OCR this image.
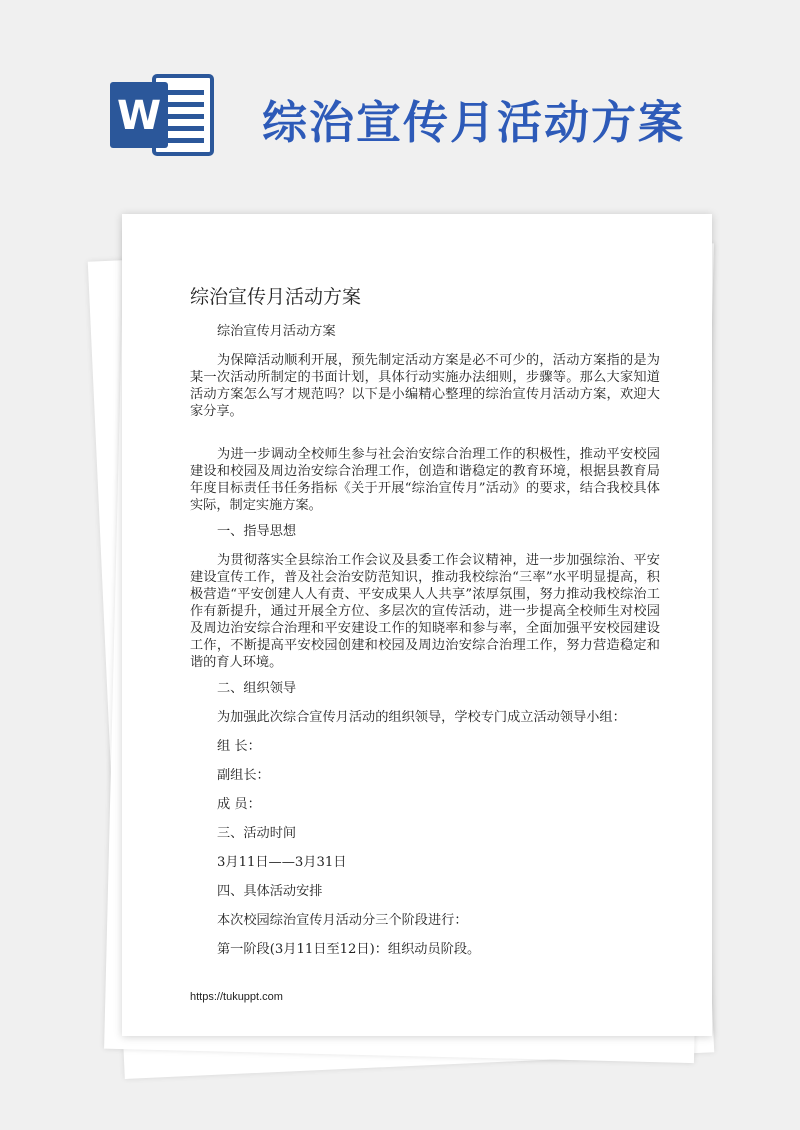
W 综治宣传月活动方案
综治宣传月活动方案

综治宣传月活动方案

为保障活动顺利开展，预先制定活动方案是必不可少的，活动方案指的是为某一次活动所制定的书面计划，具体行动实施办法细则，步骤等。那么大家知道活动方案怎么写才规范吗？以下是小编精心整理的综治宣传月活动方案，欢迎大家分享。

为进一步调动全校师生参与社会治安综合治理工作的积极性，推动平安校园建设和校园及周边治安综合治理工作，创造和谐稳定的教育环境，根据县教育局年度目标责任书任务指标《关于开展“综治宣传月”活动》的要求，结合我校具体实际，制定实施方案。

一、指导思想

为贯彻落实全县综治工作会议及县委工作会议精神，进一步加强综治、平安建设宣传工作，普及社会治安防范知识，推动我校综治“三率”水平明显提高，积极营造“平安创建人人有责、平安成果人人共享”浓厚氛围，努力推动我校综治工作有新提升，通过开展全方位、多层次的宣传活动，进一步提高全校师生对校园及周边治安综合治理和平安建设工作的知晓率和参与率，全面加强平安校园建设工作，不断提高平安校园创建和校园及周边治安综合治理工作，努力营造稳定和谐的育人环境。

二、组织领导

为加强此次综合宣传月活动的组织领导，学校专门成立活动领导小组：

组 长：

副组长：

成 员：

三、活动时间

3月11日——3月31日

四、具体活动安排

本次校园综治宣传月活动分三个阶段进行：

第一阶段(3月11日至12日)：组织动员阶段。

https://tukuppt.com
